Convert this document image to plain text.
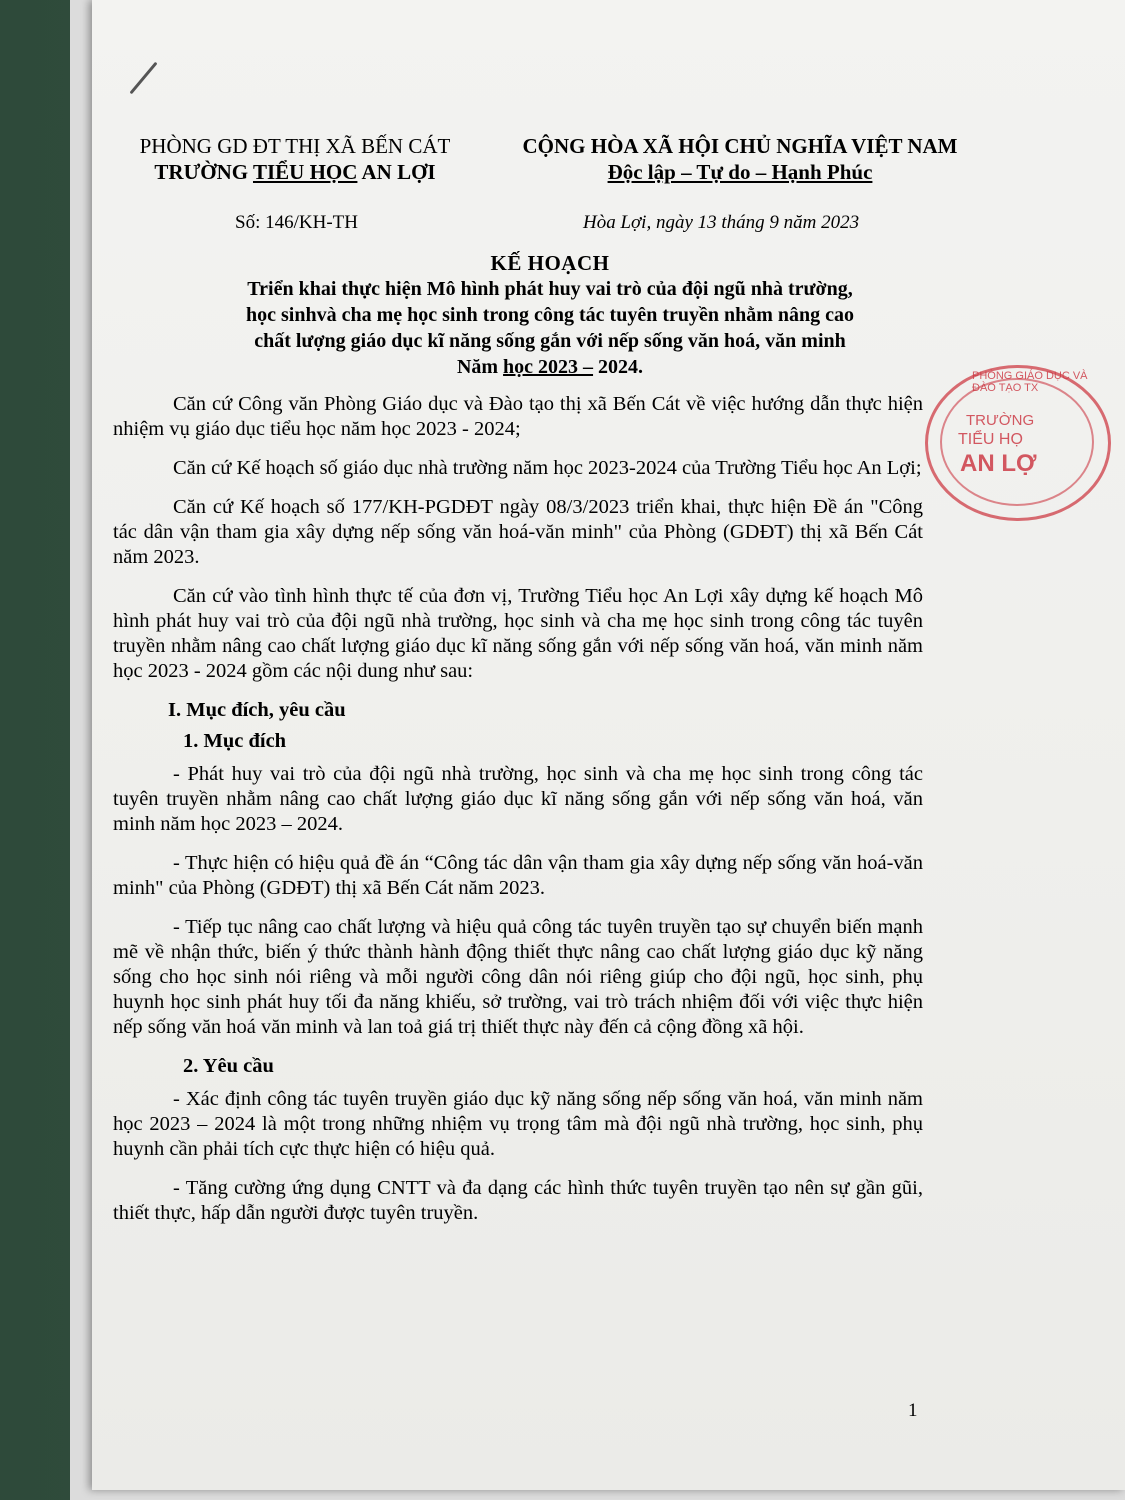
PHÒNG GD ĐT THỊ XÃ BẾN CÁT
TRƯỜNG TIỂU HỌC AN LỢI
CỘNG HÒA XÃ HỘI CHỦ NGHĨA VIỆT NAM
Độc lập – Tự do – Hạnh Phúc
Số: 146/KH-TH	Hòa Lợi, ngày 13 tháng 9 năm 2023
KẾ HOẠCH
Triển khai thực hiện Mô hình phát huy vai trò của đội ngũ nhà trường,
học sinhvà cha mẹ học sinh trong công tác tuyên truyền nhằm nâng cao
chất lượng giáo dục kĩ năng sống gắn với nếp sống văn hoá, văn minh
Năm học 2023 – 2024.	PHÒNG GIÁO DỤC VÀ ĐÀO TẠO TX
TRƯỜNG
TIỂU HỌ
AN LỢ

Căn cứ Công văn Phòng Giáo dục và Đào tạo thị xã Bến Cát về việc hướng dẫn thực hiện nhiệm vụ giáo dục tiểu học năm học 2023 - 2024;

Căn cứ Kế hoạch số giáo dục nhà trường năm học 2023-2024 của Trường Tiểu học An Lợi;

Căn cứ Kế hoạch số 177/KH-PGDĐT ngày 08/3/2023 triển khai, thực hiện Đề án "Công tác dân vận tham gia xây dựng nếp sống văn hoá-văn minh" của Phòng (GDĐT) thị xã Bến Cát năm 2023.

Căn cứ vào tình hình thực tế của đơn vị, Trường Tiểu học An Lợi xây dựng kế hoạch Mô hình phát huy vai trò của đội ngũ nhà trường, học sinh và cha mẹ học sinh trong công tác tuyên truyền nhằm nâng cao chất lượng giáo dục kĩ năng sống gắn với nếp sống văn hoá, văn minh năm học 2023 - 2024 gồm các nội dung như sau:

I. Mục đích, yêu cầu
1. Mục đích

- Phát huy vai trò của đội ngũ nhà trường, học sinh và cha mẹ học sinh trong công tác tuyên truyền nhằm nâng cao chất lượng giáo dục kĩ năng sống gắn với nếp sống văn hoá, văn minh năm học 2023 – 2024.

- Thực hiện có hiệu quả đề án “Công tác dân vận tham gia xây dựng nếp sống văn hoá-văn minh" của Phòng (GDĐT) thị xã Bến Cát năm 2023.

- Tiếp tục nâng cao chất lượng và hiệu quả công tác tuyên truyền tạo sự chuyển biến mạnh mẽ về nhận thức, biến ý thức thành hành động thiết thực nâng cao chất lượng giáo dục kỹ năng sống cho học sinh nói riêng và mỗi người công dân nói riêng giúp cho đội ngũ, học sinh, phụ huynh học sinh phát huy tối đa năng khiếu, sở trường, vai trò trách nhiệm đối với việc thực hiện nếp sống văn hoá văn minh và lan toả giá trị thiết thực này đến cả cộng đồng xã hội.

2. Yêu cầu

- Xác định công tác tuyên truyền giáo dục kỹ năng sống nếp sống văn hoá, văn minh năm học 2023 – 2024 là một trong những nhiệm vụ trọng tâm mà đội ngũ nhà trường, học sinh, phụ huynh cần phải tích cực thực hiện có hiệu quả.

- Tăng cường ứng dụng CNTT và đa dạng các hình thức tuyên truyền tạo nên sự gần gũi, thiết thực, hấp dẫn người được tuyên truyền.

1
